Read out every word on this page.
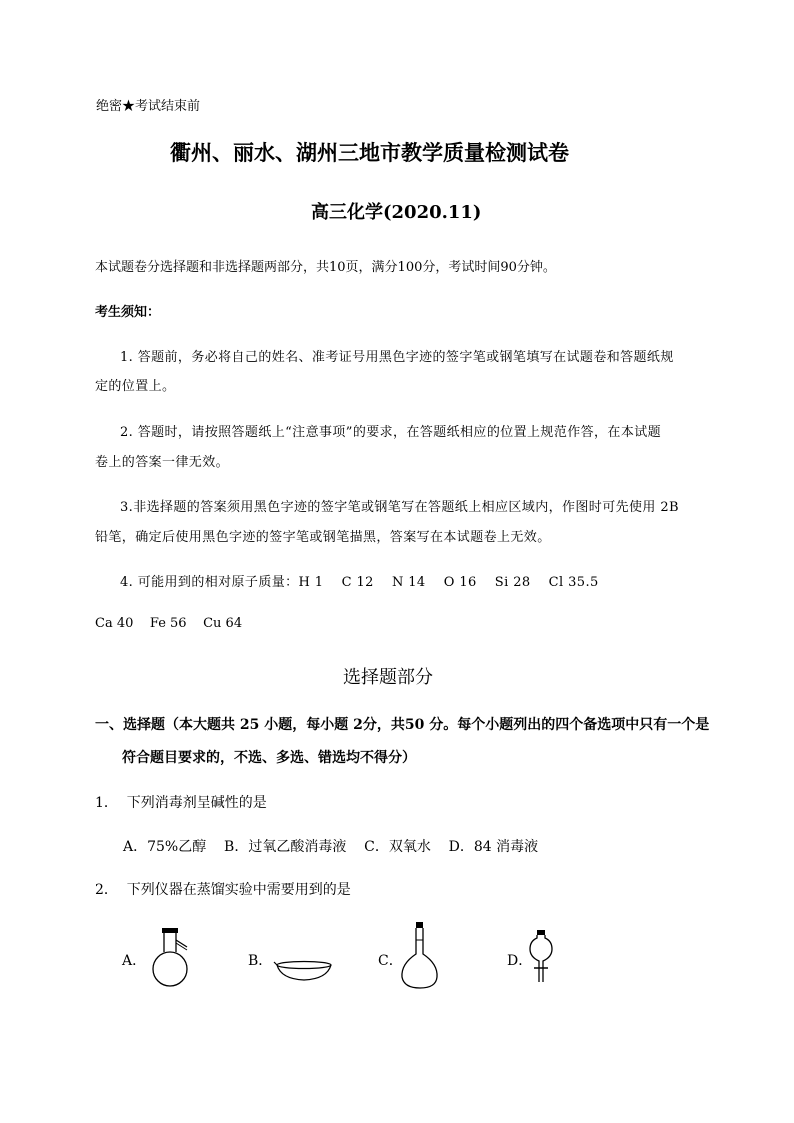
绝密★考试结束前
衢州、丽水、湖州三地市教学质量检测试卷
高三化学(2020.11)
本试题卷分选择题和非选择题两部分，共10页，满分100分，考试时间90分钟。
考生须知：
1. 答题前，务必将自己的姓名、准考证号用黑色字迹的签字笔或钢笔填写在试题卷和答题纸规
定的位置上。
2. 答题时，请按照答题纸上“注意事项”的要求，在答题纸相应的位置上规范作答，在本试题
卷上的答案一律无效。
3.非选择题的答案须用黑色字迹的签字笔或钢笔写在答题纸上相应区域内，作图时可先使用 2B
铅笔，确定后使用黑色字迹的签字笔或钢笔描黑，答案写在本试题卷上无效。
4. 可能用到的相对原子质量：H 1    C 12    N 14    O 16    Si 28    Cl 35.5
Ca 40    Fe 56    Cu 64
选择题部分
一、选择题（本大题共 25 小题，每小题 2分，共50 分。每个小题列出的四个备选项中只有一个是
符合题目要求的，不选、多选、错选均不得分）
1．  下列消毒剂呈碱性的是
A．75%乙醇    B．过氧乙酸消毒液    C．双氧水    D．84 消毒液
2．  下列仪器在蒸馏实验中需要用到的是
A．	B．	C．	D．
